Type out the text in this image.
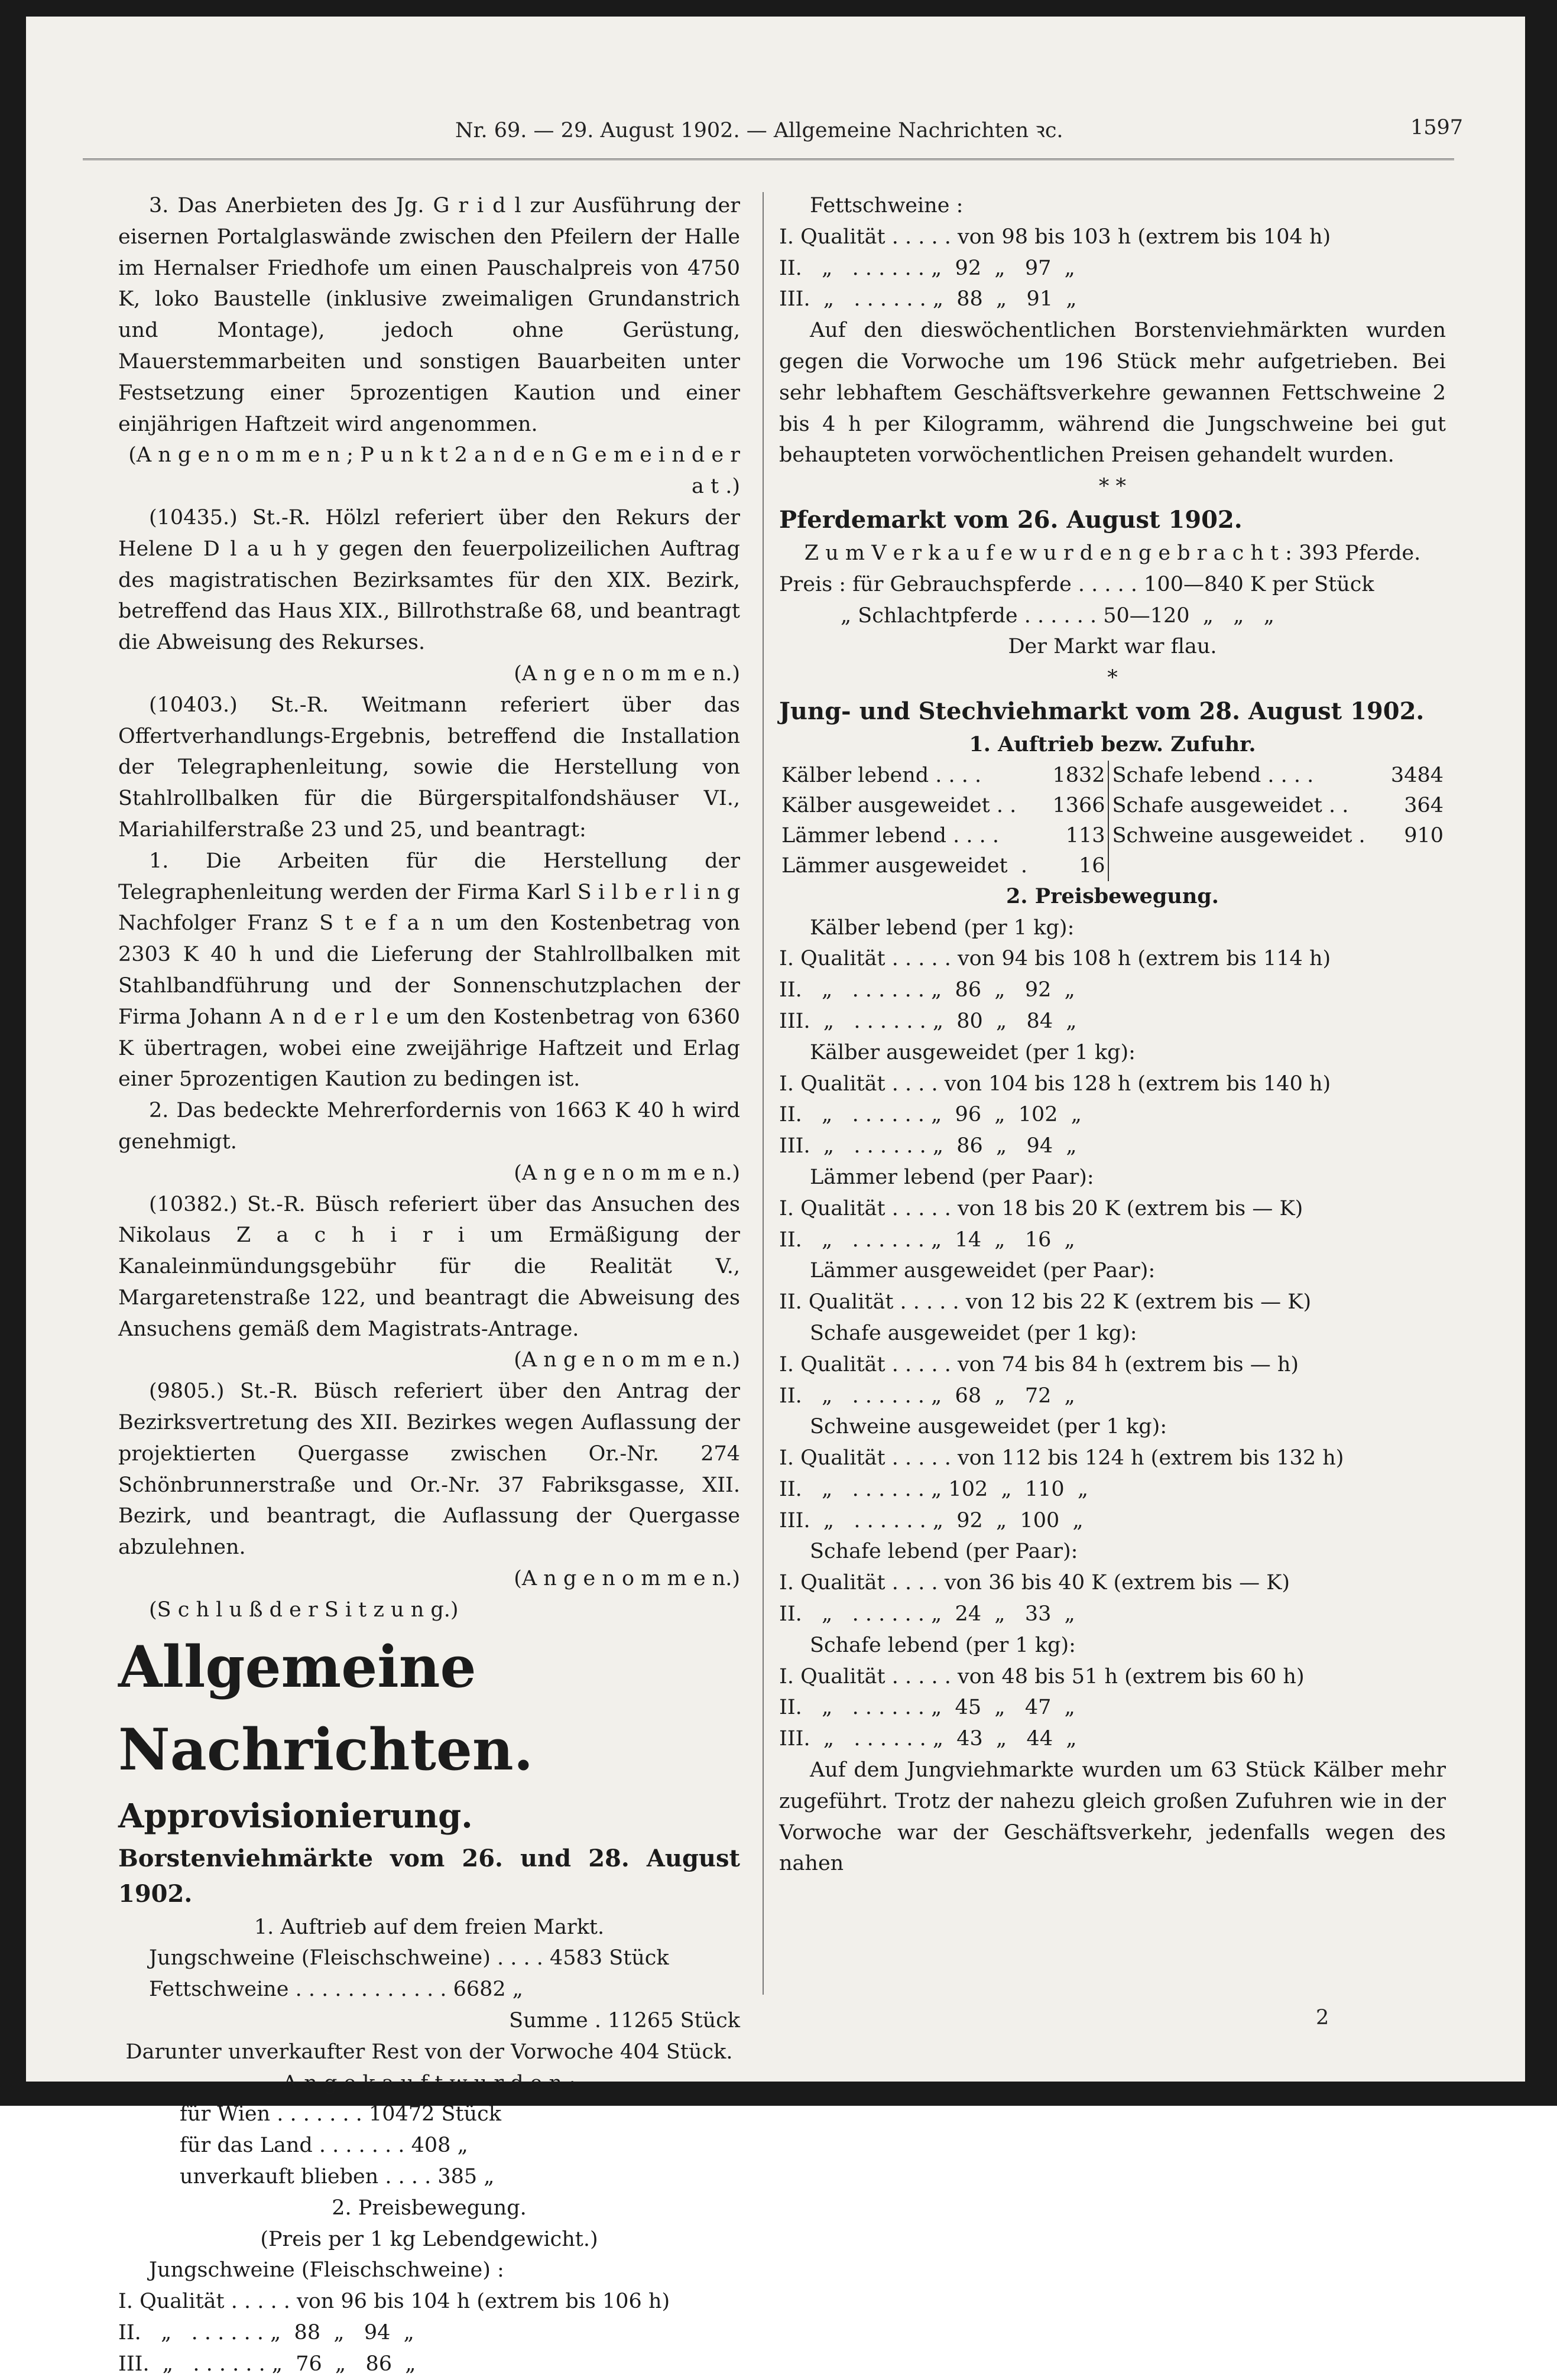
Nr. 69. — 29. August 1902. — Allgemeine Nachrichten ꝛc.	1597

3. Das Anerbieten des Jg. G r i d l zur Ausführung der eisernen Portalglaswände zwischen den Pfeilern der Halle im Hernalser Friedhofe um einen Pauschalpreis von 4750 K, loko Baustelle (inklusive zweimaligen Grundanstrich und Montage), jedoch ohne Gerüstung, Mauerstemmarbeiten und sonstigen Bauarbeiten unter Festsetzung einer 5prozentigen Kaution und einer einjährigen Haftzeit wird angenommen.

(A n g e n o m m e n ; P u n k t 2 a n d e n G e m e i n d e r a t .)

(10435.) St.-R. Hölzl referiert über den Rekurs der Helene D l a u h y gegen den feuerpolizeilichen Auftrag des magistratischen Bezirksamtes für den XIX. Bezirk, betreffend das Haus XIX., Billrothstraße 68, und beantragt die Abweisung des Rekurses.

(A n g e n o m m e n.)

(10403.) St.-R. Weitmann referiert über das Offertverhandlungs-Ergebnis, betreffend die Installation der Telegraphenleitung, sowie die Herstellung von Stahlrollbalken für die Bürgerspitalfondshäuser VI., Mariahilferstraße 23 und 25, und beantragt:

1. Die Arbeiten für die Herstellung der Telegraphenleitung werden der Firma Karl S i l b e r l i n g Nachfolger Franz S t e f a n um den Kostenbetrag von 2303 K 40 h und die Lieferung der Stahlrollbalken mit Stahlbandführung und der Sonnenschutzplachen der Firma Johann A n d e r l e um den Kostenbetrag von 6360 K übertragen, wobei eine zweijährige Haftzeit und Erlag einer 5prozentigen Kaution zu bedingen ist.

2. Das bedeckte Mehrerfordernis von 1663 K 40 h wird genehmigt.

(A n g e n o m m e n.)

(10382.) St.-R. Büsch referiert über das Ansuchen des Nikolaus Z a c h i r i um Ermäßigung der Kanaleinmündungsgebühr für die Realität V., Margaretenstraße 122, und beantragt die Abweisung des Ansuchens gemäß dem Magistrats-Antrage.

(A n g e n o m m e n.)

(9805.) St.-R. Büsch referiert über den Antrag der Bezirksvertretung des XII. Bezirkes wegen Auflassung der projektierten Quergasse zwischen Or.-Nr. 274 Schönbrunnerstraße und Or.-Nr. 37 Fabriksgasse, XII. Bezirk, und beantragt, die Auflassung der Quergasse abzulehnen.

(A n g e n o m m e n.)

(S c h l u ß d e r S i t z u n g.)

Allgemeine Nachrichten.

Approvisionierung.

Borstenviehmärkte vom 26. und 28. August 1902.

1. Auftrieb auf dem freien Markt.

Jungschweine (Fleischschweine) . . . . 4583 Stück

Fettschweine . . . . . . . . . . . . 6682 „

Summe . 11265 Stück

Darunter unverkaufter Rest von der Vorwoche 404 Stück.

A n g e k a u f t w u r d e n :

für Wien . . . . . . . 10472 Stück

für das Land . . . . . . . 408 „

unverkauft blieben . . . . 385 „

2. Preisbewegung.

(Preis per 1 kg Lebendgewicht.)

Jungschweine (Fleischschweine) :

I. Qualität . . . . . von 96 bis 104 h (extrem bis 106 h)

II.   „   . . . . . . „  88  „   94  „

III.  „   . . . . . . „  76  „   86  „

Fettschweine :

I. Qualität . . . . . von 98 bis 103 h (extrem bis 104 h)

II.   „   . . . . . . „  92  „   97  „

III.  „   . . . . . . „  88  „   91  „

Auf den dieswöchentlichen Borstenviehmärkten wurden gegen die Vorwoche um 196 Stück mehr aufgetrieben. Bei sehr lebhaftem Geschäftsverkehre gewannen Fettschweine 2 bis 4 h per Kilogramm, während die Jungschweine bei gut behaupteten vorwöchentlichen Preisen gehandelt wurden.

* *

Pferdemarkt vom 26. August 1902.

Z u m V e r k a u f e w u r d e n g e b r a c h t : 393 Pferde.

Preis : für Gebrauchspferde . . . . . 100—840 K per Stück

„ Schlachtpferde . . . . . . 50—120  „   „   „

Der Markt war flau.

*

Jung- und Stechviehmarkt vom 28. August 1902.

1. Auftrieb bezw. Zufuhr.

Kälber lebend . . . .	1832		Schafe lebend . . . .	3484
Kälber ausgeweidet . .	1366		Schafe ausgeweidet . .	364
Lämmer lebend . . . .	113		Schweine ausgeweidet .	910
Lämmer ausgeweidet  .	16			

2. Preisbewegung.

Kälber lebend (per 1 kg):

I. Qualität . . . . . von 94 bis 108 h (extrem bis 114 h)

II.   „   . . . . . . „  86  „   92  „

III.  „   . . . . . . „  80  „   84  „

Kälber ausgeweidet (per 1 kg):

I. Qualität . . . . von 104 bis 128 h (extrem bis 140 h)

II.   „   . . . . . . „  96  „  102  „

III.  „   . . . . . . „  86  „   94  „

Lämmer lebend (per Paar):

I. Qualität . . . . . von 18 bis 20 K (extrem bis — K)

II.   „   . . . . . . „  14  „   16  „

Lämmer ausgeweidet (per Paar):

II. Qualität . . . . . von 12 bis 22 K (extrem bis — K)

Schafe ausgeweidet (per 1 kg):

I. Qualität . . . . . von 74 bis 84 h (extrem bis — h)

II.   „   . . . . . . „  68  „   72  „

Schweine ausgeweidet (per 1 kg):

I. Qualität . . . . . von 112 bis 124 h (extrem bis 132 h)

II.   „   . . . . . . „ 102  „  110  „

III.  „   . . . . . . „  92  „  100  „

Schafe lebend (per Paar):

I. Qualität . . . . von 36 bis 40 K (extrem bis — K)

II.   „   . . . . . . „  24  „   33  „

Schafe lebend (per 1 kg):

I. Qualität . . . . . von 48 bis 51 h (extrem bis 60 h)

II.   „   . . . . . . „  45  „   47  „

III.  „   . . . . . . „  43  „   44  „

Auf dem Jungviehmarkte wurden um 63 Stück Kälber mehr zugeführt. Trotz der nahezu gleich großen Zufuhren wie in der Vorwoche war der Geschäftsverkehr, jedenfalls wegen des nahen

2
